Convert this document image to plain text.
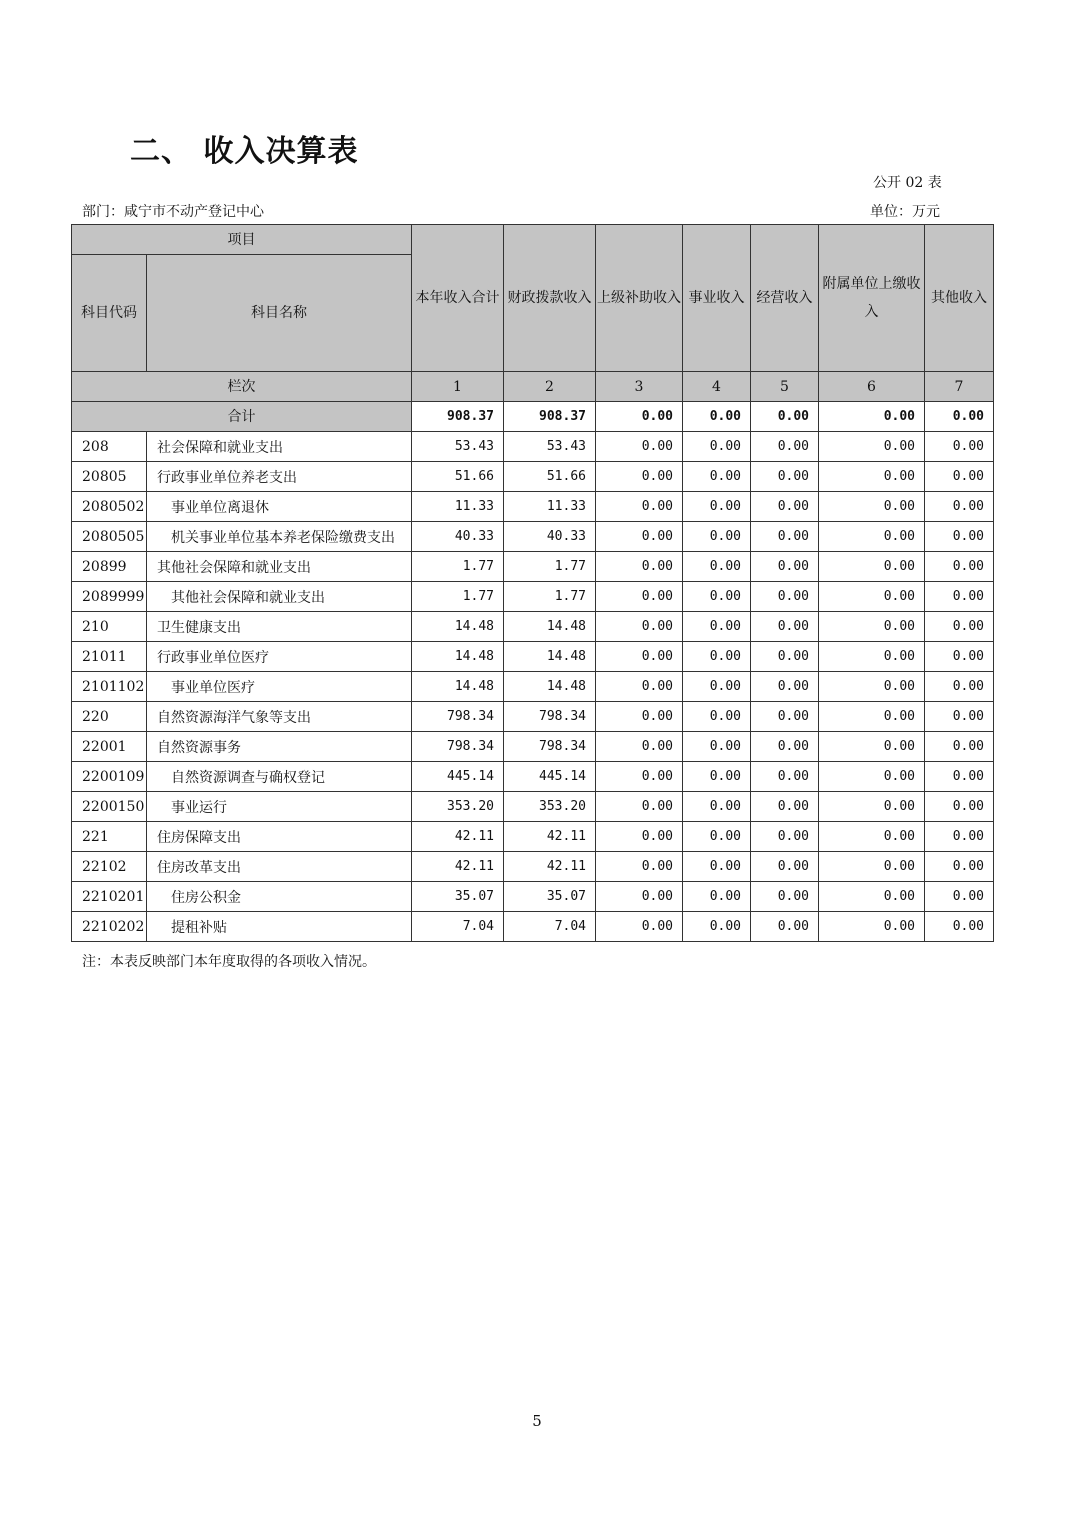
二、 收入决算表
公开 02 表
部门：咸宁市不动产登记中心	单位：万元
项目		本年收入合计	财政拨款收入	上级补助收入	事业收入	经营收入	附属单位上缴收入	其他收入
科目代码	科目名称							
栏次		1	2	3	4	5	6	7
合计		908.37	908.37	0.00	0.00	0.00	0.00	0.00
208	社会保障和就业支出	53.43	53.43	0.00	0.00	0.00	0.00	0.00
20805	行政事业单位养老支出	51.66	51.66	0.00	0.00	0.00	0.00	0.00
2080502	事业单位离退休	11.33	11.33	0.00	0.00	0.00	0.00	0.00
2080505	机关事业单位基本养老保险缴费支出	40.33	40.33	0.00	0.00	0.00	0.00	0.00
20899	其他社会保障和就业支出	1.77	1.77	0.00	0.00	0.00	0.00	0.00
2089999	其他社会保障和就业支出	1.77	1.77	0.00	0.00	0.00	0.00	0.00
210	卫生健康支出	14.48	14.48	0.00	0.00	0.00	0.00	0.00
21011	行政事业单位医疗	14.48	14.48	0.00	0.00	0.00	0.00	0.00
2101102	事业单位医疗	14.48	14.48	0.00	0.00	0.00	0.00	0.00
220	自然资源海洋气象等支出	798.34	798.34	0.00	0.00	0.00	0.00	0.00
22001	自然资源事务	798.34	798.34	0.00	0.00	0.00	0.00	0.00
2200109	自然资源调查与确权登记	445.14	445.14	0.00	0.00	0.00	0.00	0.00
2200150	事业运行	353.20	353.20	0.00	0.00	0.00	0.00	0.00
221	住房保障支出	42.11	42.11	0.00	0.00	0.00	0.00	0.00
22102	住房改革支出	42.11	42.11	0.00	0.00	0.00	0.00	0.00
2210201	住房公积金	35.07	35.07	0.00	0.00	0.00	0.00	0.00
2210202	提租补贴	7.04	7.04	0.00	0.00	0.00	0.00	0.00
注：本表反映部门本年度取得的各项收入情况。
5
